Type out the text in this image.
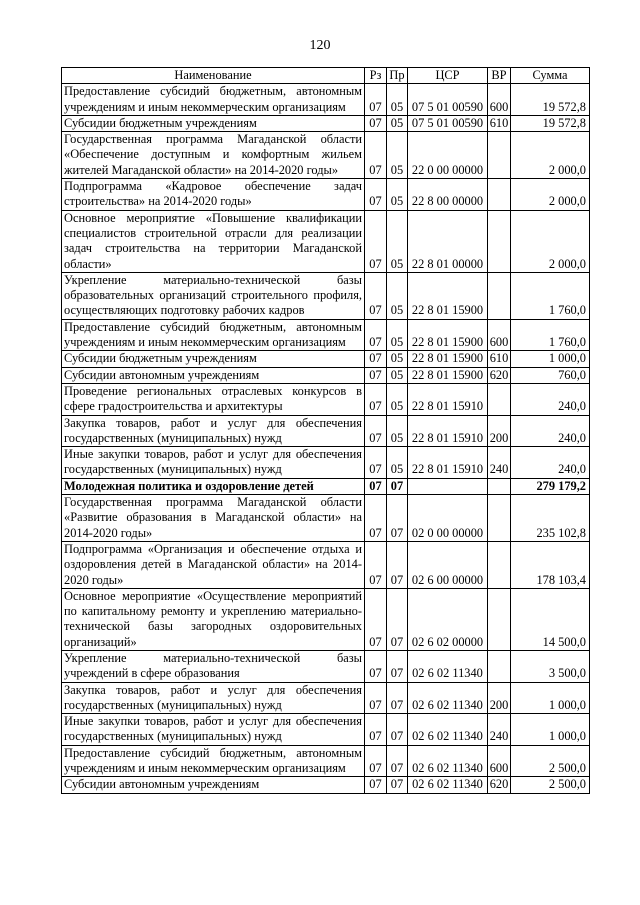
120
Наименование	Рз	Пр	ЦСР	ВР	Сумма
Предоставление субсидий бюджетным, автономным учреждениям и иным некоммерческим организациям	07	05	07 5 01 00590	600	19 572,8
Субсидии бюджетным учреждениям	07	05	07 5 01 00590	610	19 572,8
Государственная программа Магаданской области «Обеспечение доступным и комфортным жильем жителей Магаданской области» на 2014-2020 годы»	07	05	22 0 00 00000		2 000,0
Подпрограмма «Кадровое обеспечение задач строительства» на 2014-2020 годы»	07	05	22 8 00 00000		2 000,0
Основное мероприятие «Повышение квалификации специалистов строительной отрасли для реализации задач строительства на территории Магаданской области»	07	05	22 8 01 00000		2 000,0
Укрепление материально-технической базы образовательных организаций строительного профиля, осуществляющих подготовку рабочих кадров	07	05	22 8 01 15900		1 760,0
Предоставление субсидий бюджетным, автономным учреждениям и иным некоммерческим организациям	07	05	22 8 01 15900	600	1 760,0
Субсидии бюджетным учреждениям	07	05	22 8 01 15900	610	1 000,0
Субсидии автономным учреждениям	07	05	22 8 01 15900	620	760,0
Проведение региональных отраслевых конкурсов в сфере градостроительства и архитектуры	07	05	22 8 01 15910		240,0
Закупка товаров, работ и услуг для обеспечения государственных (муниципальных) нужд	07	05	22 8 01 15910	200	240,0
Иные закупки товаров, работ и услуг для обеспечения государственных (муниципальных) нужд	07	05	22 8 01 15910	240	240,0
Молодежная политика и оздоровление детей	07	07			279 179,2
Государственная программа Магаданской области «Развитие образования в Магаданской области» на 2014-2020 годы»	07	07	02 0 00 00000		235 102,8
Подпрограмма «Организация и обеспечение отдыха и оздоровления детей в Магаданской области» на 2014-2020 годы»	07	07	02 6 00 00000		178 103,4
Основное мероприятие «Осуществление мероприятий по капитальному ремонту и укреплению материально-технической базы загородных оздоровительных организаций»	07	07	02 6 02 00000		14 500,0
Укрепление материально-технической базы учреждений в сфере образования	07	07	02 6 02 11340		3 500,0
Закупка товаров, работ и услуг для обеспечения государственных (муниципальных) нужд	07	07	02 6 02 11340	200	1 000,0
Иные закупки товаров, работ и услуг для обеспечения государственных (муниципальных) нужд	07	07	02 6 02 11340	240	1 000,0
Предоставление субсидий бюджетным, автономным учреждениям и иным некоммерческим организациям	07	07	02 6 02 11340	600	2 500,0
Субсидии автономным учреждениям	07	07	02 6 02 11340	620	2 500,0
